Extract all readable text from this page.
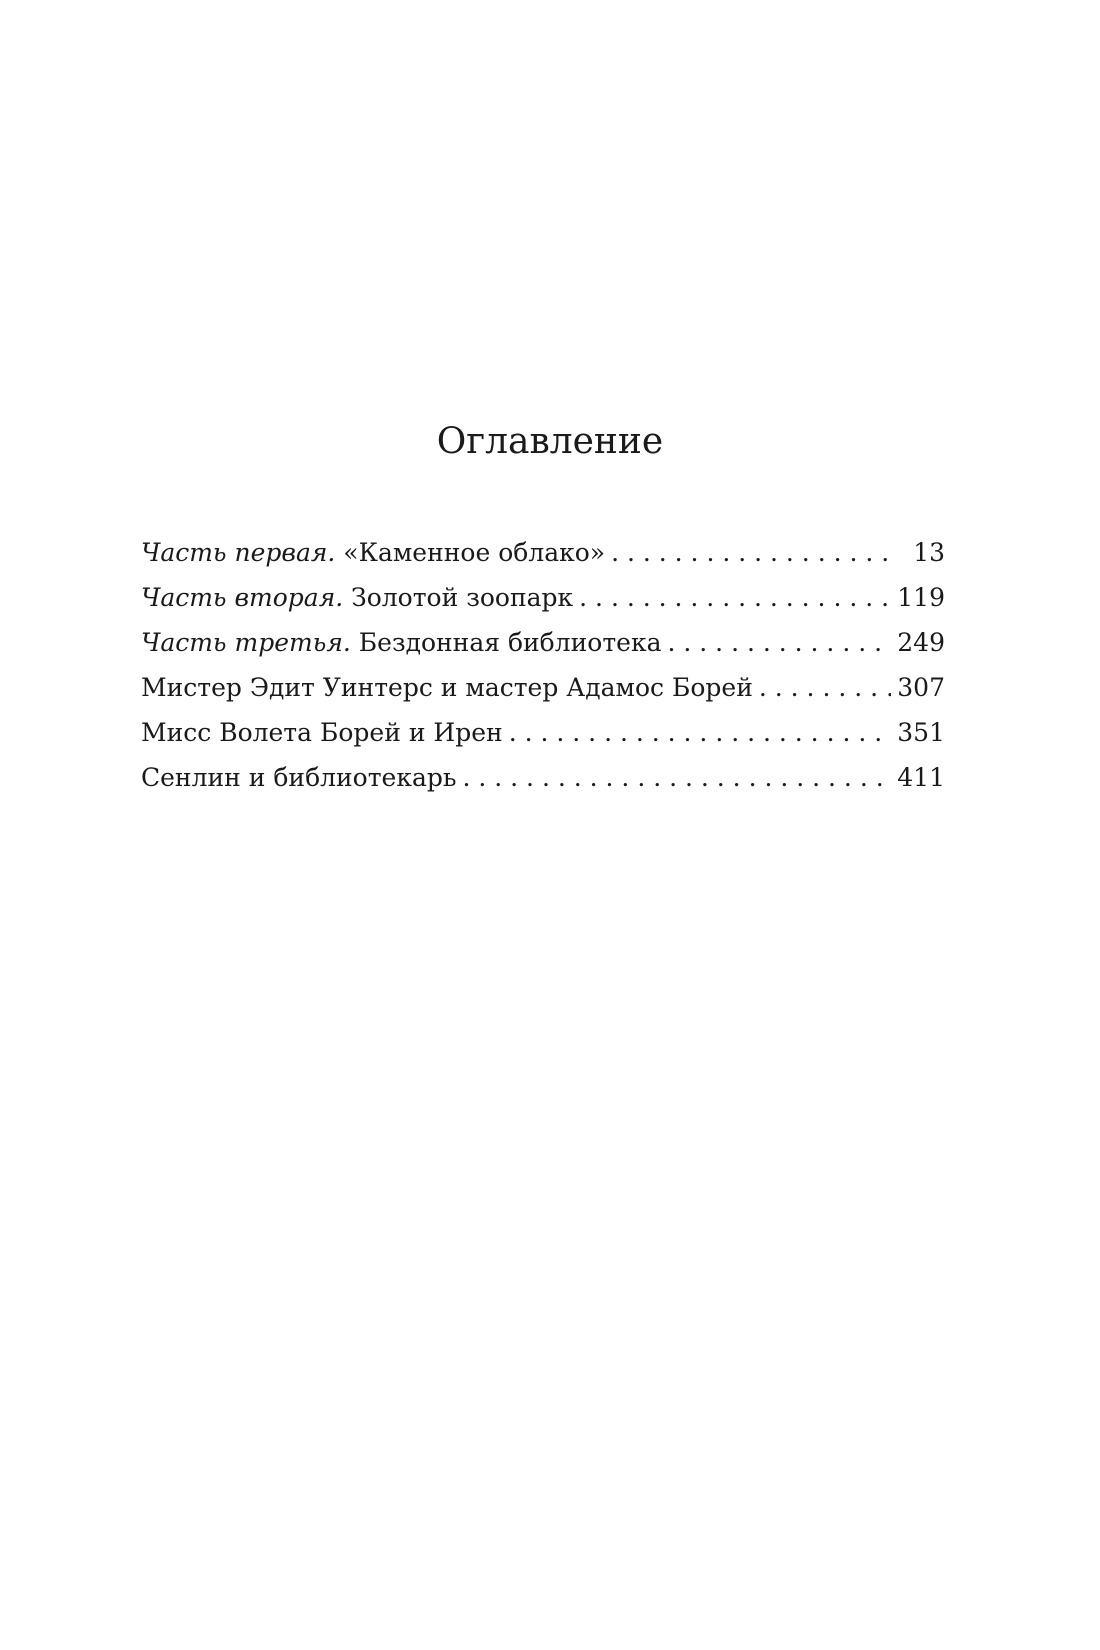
Оглавление
Часть первая. «Каменное облако» . . .	13
Часть вторая. Золотой зоопарк . . .	119
Часть третья. Бездонная библиотека . . .	249
Мистер Эдит Уинтерс и мастер Адамос Борей . . .	307
Мисс Волета Борей и Ирен . . .	351
Сенлин и библиотекарь . . .	411
